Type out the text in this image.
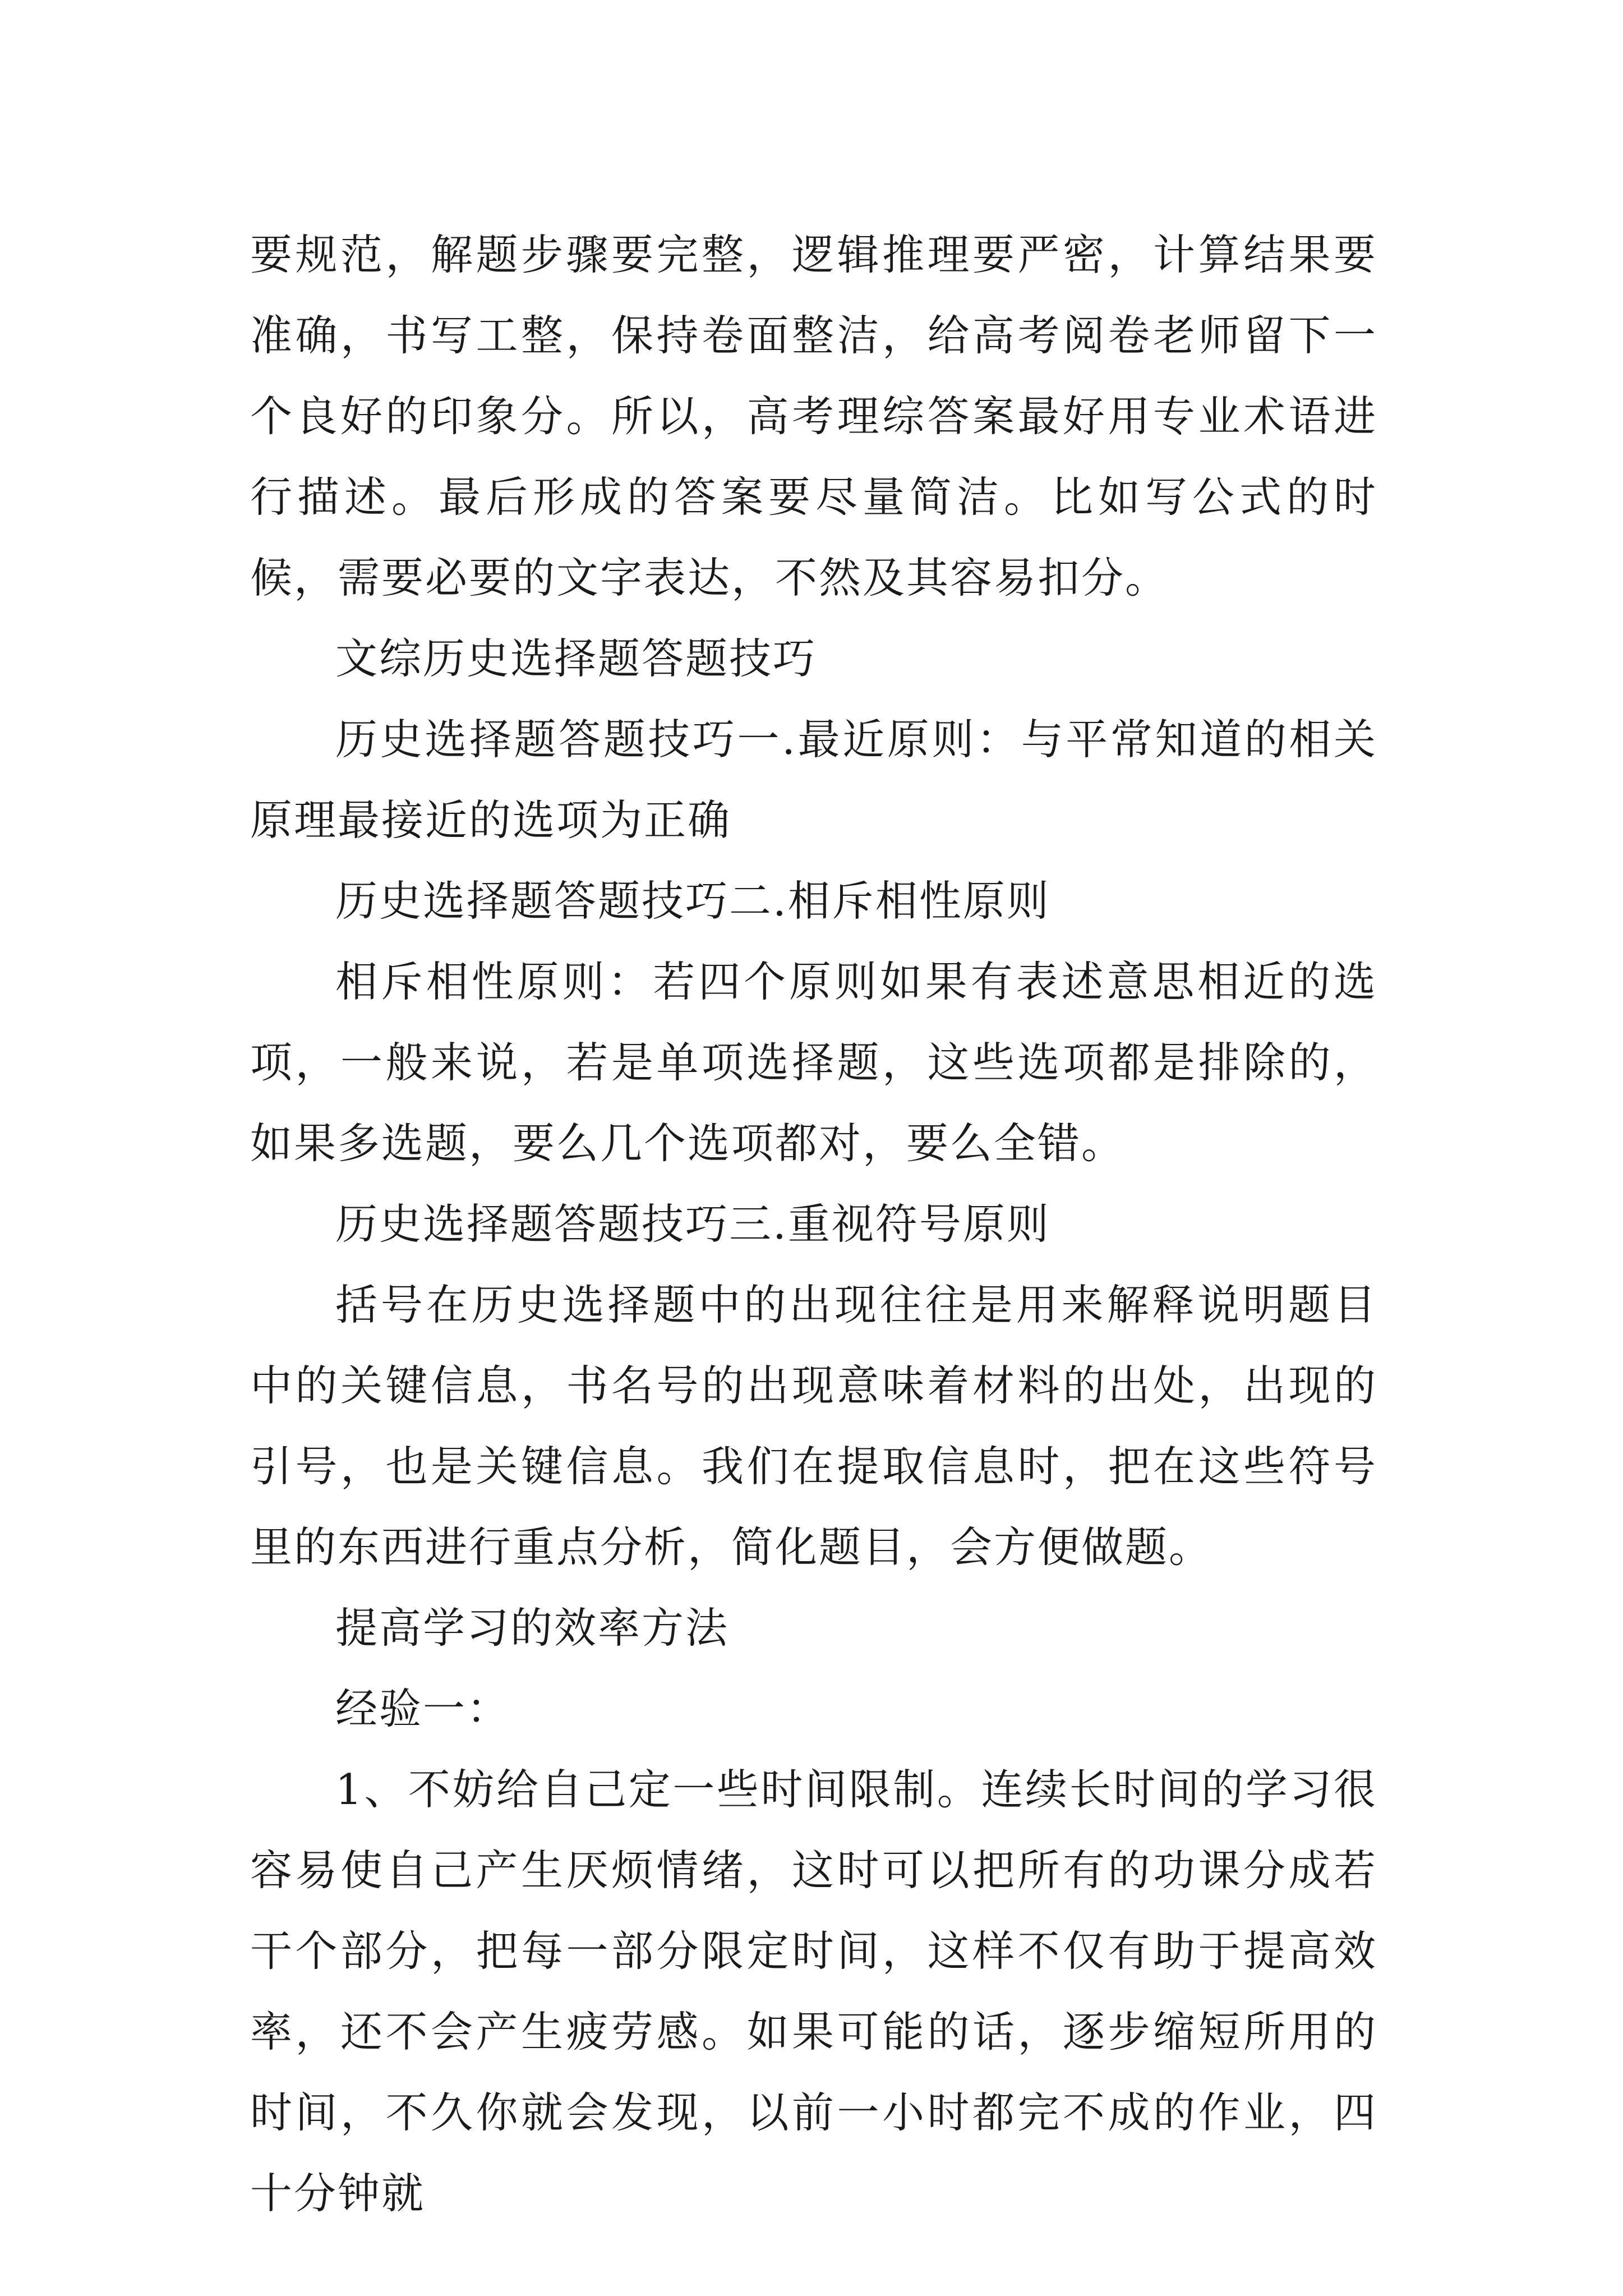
要规范，解题步骤要完整，逻辑推理要严密，计算结果要准确，书写工整，保持卷面整洁，给高考阅卷老师留下一个良好的印象分。所以，高考理综答案最好用专业术语进行描述。最后形成的答案要尽量简洁。比如写公式的时候，需要必要的文字表达，不然及其容易扣分。

文综历史选择题答题技巧

历史选择题答题技巧一.最近原则：与平常知道的相关原理最接近的选项为正确

历史选择题答题技巧二.相斥相性原则

相斥相性原则：若四个原则如果有表述意思相近的选项，一般来说，若是单项选择题，这些选项都是排除的，如果多选题，要么几个选项都对，要么全错。

历史选择题答题技巧三.重视符号原则

括号在历史选择题中的出现往往是用来解释说明题目中的关键信息，书名号的出现意味着材料的出处，出现的引号，也是关键信息。我们在提取信息时，把在这些符号里的东西进行重点分析，简化题目，会方便做题。

提高学习的效率方法

经验一：

1、不妨给自己定一些时间限制。连续长时间的学习很容易使自己产生厌烦情绪，这时可以把所有的功课分成若干个部分，把每一部分限定时间，这样不仅有助于提高效率，还不会产生疲劳感。如果可能的话，逐步缩短所用的时间，不久你就会发现，以前一小时都完不成的作业，四十分钟就
